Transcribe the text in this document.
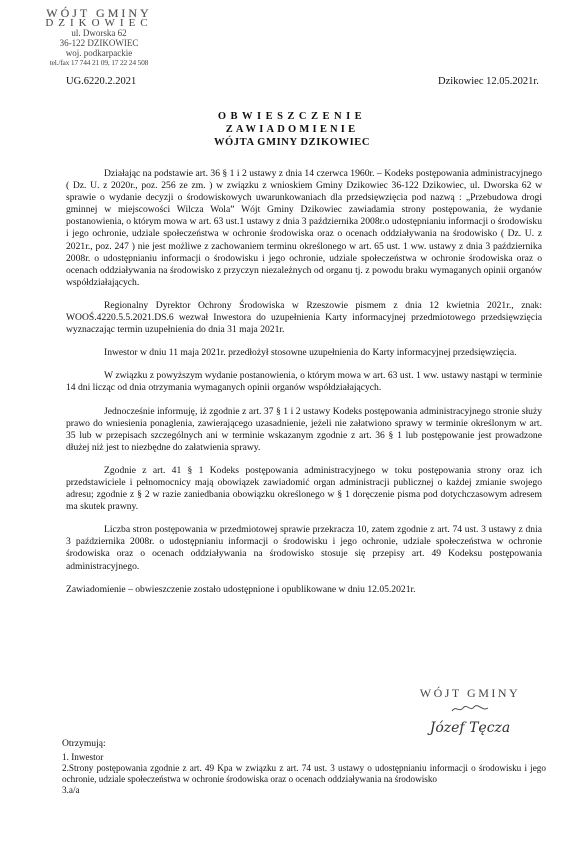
WÓJT GMINY
DZIKOWIEC
ul. Dworska 62
36-122 DZIKOWIEC
woj. podkarpackie
tel./fax 17 744 21 09, 17 22 24 508
UG.6220.2.2021	Dzikowiec 12.05.2021r.
OBWIESZCZENIE
ZAWIADOMIENIE
WÓJTA GMINY DZIKOWIEC

Działając na podstawie art. 36 § 1 i 2 ustawy z dnia 14 czerwca 1960r. – Kodeks postępowania administracyjnego ( Dz. U. z 2020r., poz. 256 ze zm. ) w związku z wnioskiem Gminy Dzikowiec 36-122 Dzikowiec, ul. Dworska 62 w sprawie o wydanie decyzji o środowiskowych uwarunkowaniach dla przedsięwzięcia pod nazwą : „Przebudowa drogi gminnej w miejscowości Wilcza Wola” Wójt Gminy Dzikowiec zawiadamia strony postępowania, że wydanie postanowienia, o którym mowa w art. 63 ust.1 ustawy z dnia 3 października 2008r.o udostępnianiu informacji o środowisku i jego ochronie, udziale społeczeństwa w ochronie środowiska oraz o ocenach oddziaływania na środowisko ( Dz. U. z 2021r., poz. 247 ) nie jest możliwe z zachowaniem terminu określonego w art. 65 ust. 1 ww. ustawy z dnia 3 października 2008r. o udostępnianiu informacji o środowisku i jego ochronie, udziale społeczeństwa w ochronie środowiska oraz o ocenach oddziaływania na środowisko z przyczyn niezależnych od organu tj. z powodu braku wymaganych opinii organów współdziałających.

Regionalny Dyrektor Ochrony Środowiska w Rzeszowie pismem z dnia 12 kwietnia 2021r., znak: WOOŚ.4220.5.5.2021.DS.6 wezwał Inwestora do uzupełnienia Karty informacyjnej przedmiotowego przedsięwzięcia wyznaczając termin uzupełnienia do dnia 31 maja 2021r.

Inwestor w dniu 11 maja 2021r. przedłożył stosowne uzupełnienia do Karty informacyjnej przedsięwzięcia.

W związku z powyższym wydanie postanowienia, o którym mowa w art. 63 ust. 1 ww. ustawy nastąpi w terminie 14 dni licząc od dnia otrzymania wymaganych opinii organów współdziałających.

Jednocześnie informuję, iż zgodnie z art. 37 § 1 i 2 ustawy Kodeks postępowania administracyjnego stronie służy prawo do wniesienia ponaglenia, zawierającego uzasadnienie, jeżeli nie załatwiono sprawy w terminie określonym w art. 35 lub w przepisach szczególnych ani w terminie wskazanym zgodnie z art. 36 § 1 lub postępowanie jest prowadzone dłużej niż jest to niezbędne do załatwienia sprawy.

Zgodnie z art. 41 § 1 Kodeks postępowania administracyjnego w toku postępowania strony oraz ich przedstawiciele i pełnomocnicy mają obowiązek zawiadomić organ administracji publicznej o każdej zmianie swojego adresu; zgodnie z § 2 w razie zaniedbania obowiązku określonego w § 1 doręczenie pisma pod dotychczasowym adresem ma skutek prawny.

Liczba stron postępowania w przedmiotowej sprawie przekracza 10, zatem zgodnie z art. 74 ust. 3 ustawy z dnia 3 października 2008r. o udostępnianiu informacji o środowisku i jego ochronie, udziale społeczeństwa w ochronie środowiska oraz o ocenach oddziaływania na środowisko stosuje się przepisy art. 49 Kodeksu postępowania administracyjnego.

Zawiadomienie – obwieszczenie zostało udostępnione i opublikowane w dniu 12.05.2021r.

WÓJT GMINY
Józef Tęcza
Otrzymują:
1. Inwestor
2.Strony postępowania zgodnie z art. 49 Kpa w związku z art. 74 ust. 3 ustawy o udostępnianiu informacji o środowisku i jego ochronie, udziale społeczeństwa w ochronie środowiska oraz o ocenach oddziaływania na środowisko
3.a/a
